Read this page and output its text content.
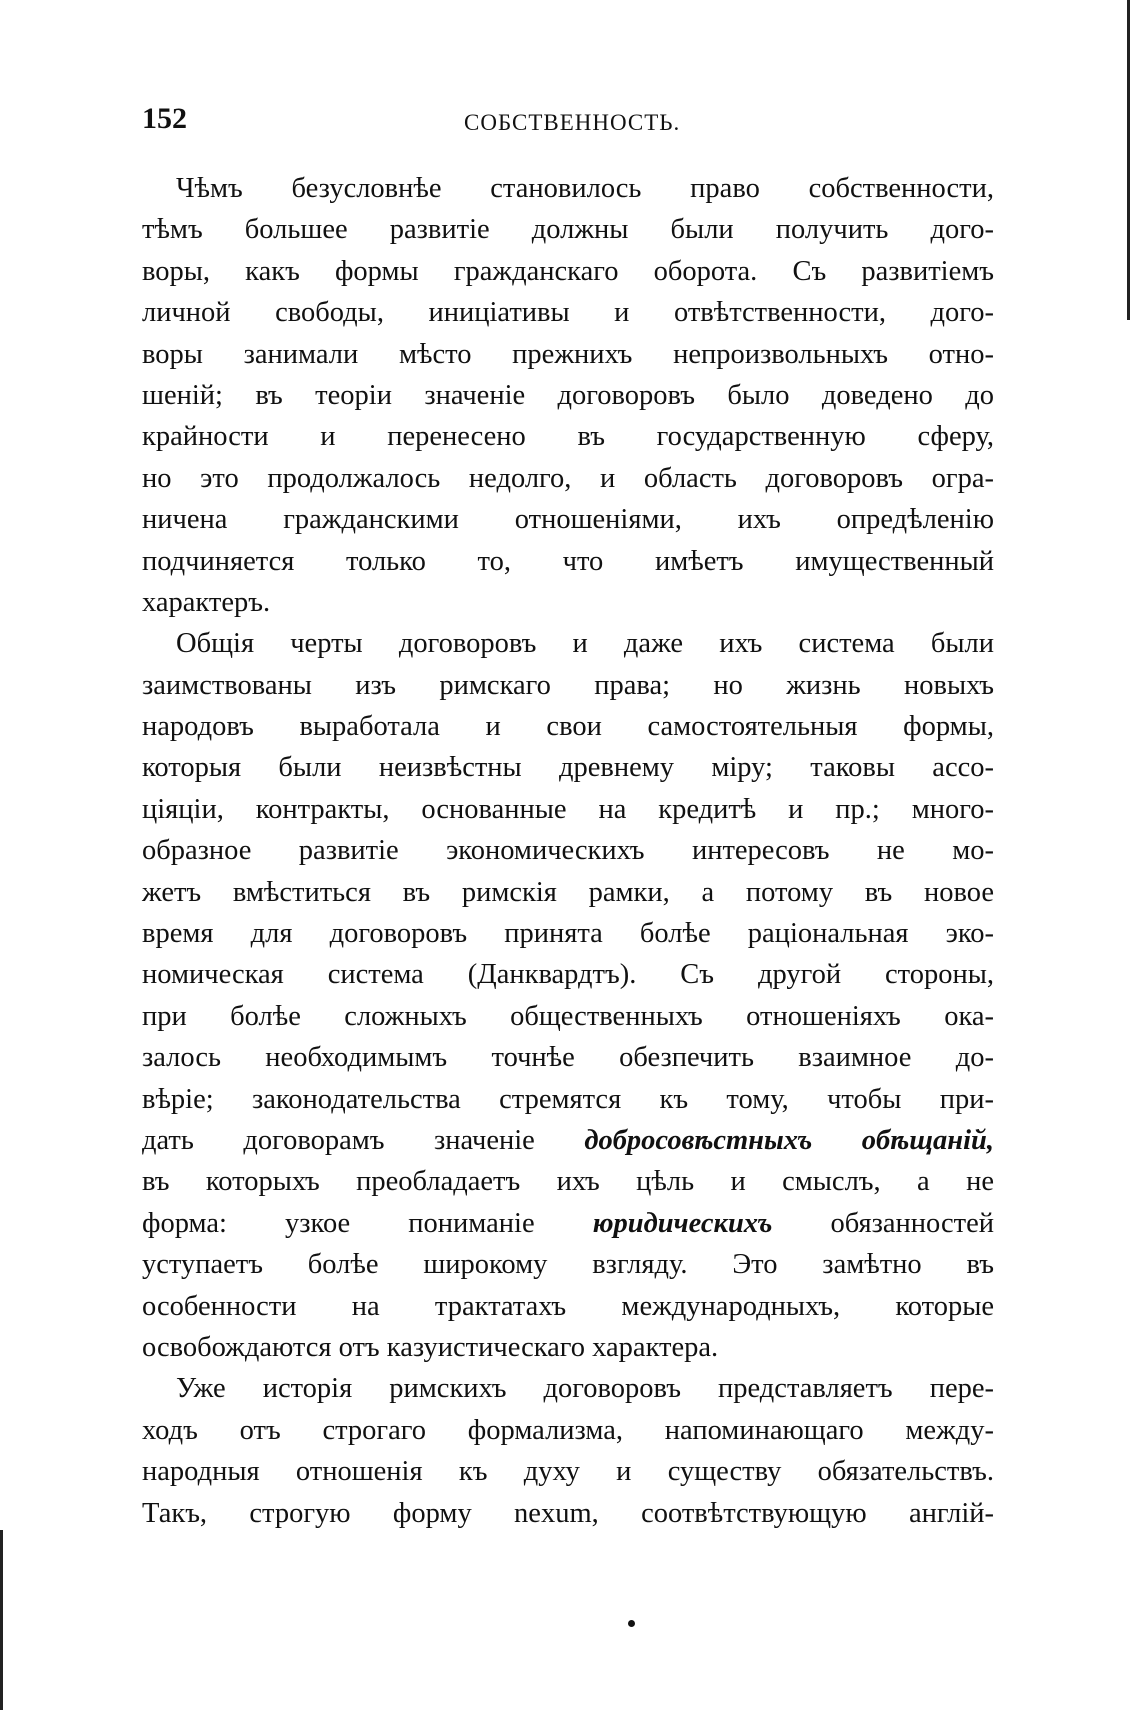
152	СОБСТВЕННОСТЬ.
Чѣмъ безусловнѣе становилось право собственности,
тѣмъ большее развитіе должны были получить дого-
воры, какъ формы гражданскаго оборота. Съ развитіемъ
личной свободы, иниціативы и отвѣтственности, дого-
воры занимали мѣсто прежнихъ непроизвольныхъ отно-
шеній; въ теоріи значеніе договоровъ было доведено до
крайности и перенесено въ государственную сферу,
но это продолжалось недолго, и область договоровъ огра-
ничена гражданскими отношеніями, ихъ опредѣленію
подчиняется только то, что имѣетъ имущественный
характеръ.
Общія черты договоровъ и даже ихъ система были
заимствованы изъ римскаго права; но жизнь новыхъ
народовъ выработала и свои самостоятельныя формы,
которыя были неизвѣстны древнему міру; таковы ассо-
ціяціи, контракты, основанные на кредитѣ и пр.; много-
образное развитіе экономическихъ интересовъ не мо-
жетъ вмѣститься въ римскія рамки, а потому въ новое
время для договоровъ принята болѣе раціональная эко-
номическая система (Данквардтъ). Съ другой стороны,
при болѣе сложныхъ общественныхъ отношеніяхъ ока-
залось необходимымъ точнѣе обезпечить взаимное до-
вѣріе; законодательства стремятся къ тому, чтобы при-
дать договорамъ значеніе добросовѣстныхъ обѣщаній,
въ которыхъ преобладаетъ ихъ цѣль и смыслъ, а не
форма: узкое пониманіе юридическихъ обязанностей
уступаетъ болѣе широкому взгляду. Это замѣтно въ
особенности на трактатахъ международныхъ, которые
освобождаются отъ казуистическаго характера.
Уже исторія римскихъ договоровъ представляетъ пере-
ходъ отъ строгаго формализма, напоминающаго между-
народныя отношенія къ духу и существу обязательствъ.
Такъ, строгую форму nexum, соотвѣтствующую англій-
